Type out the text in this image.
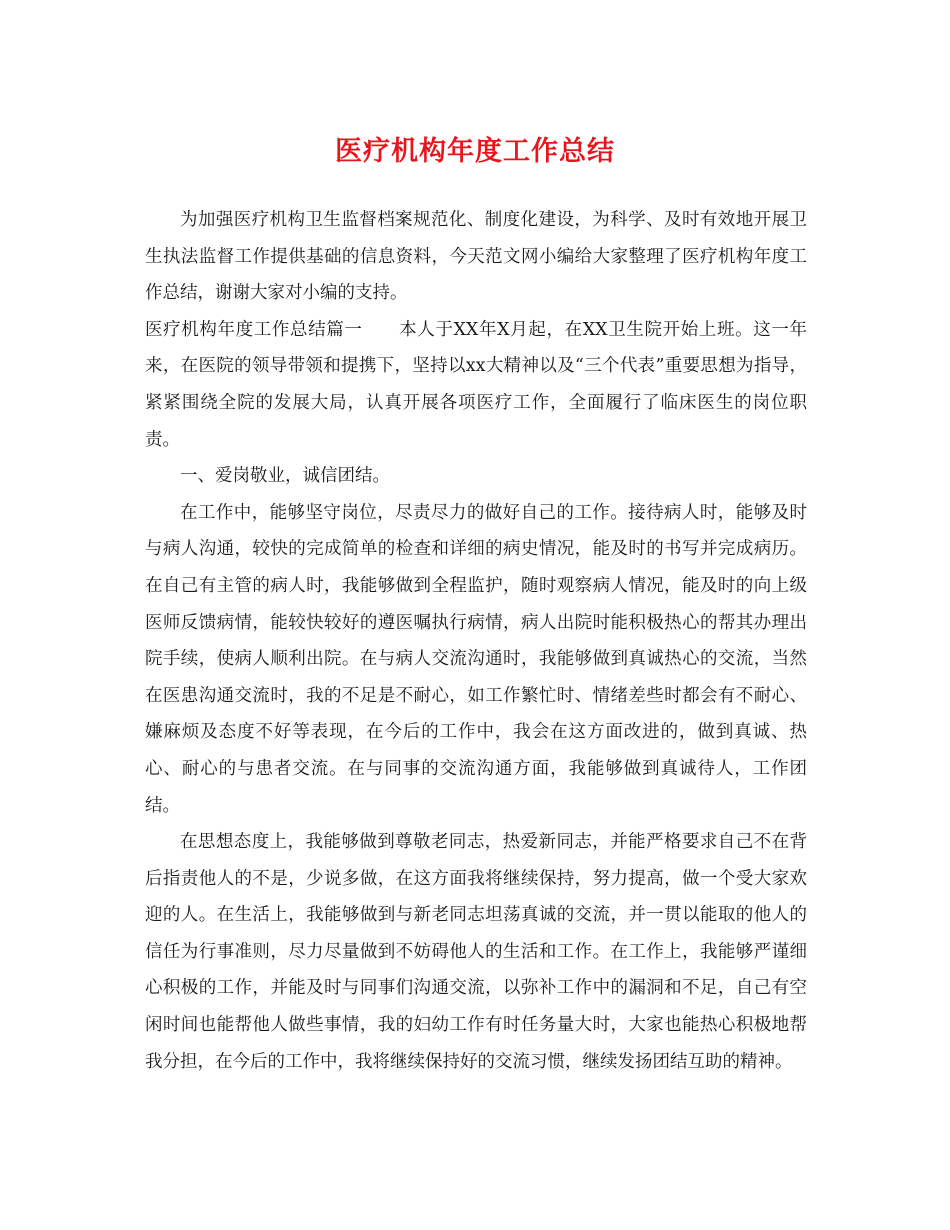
医疗机构年度工作总结

为加强医疗机构卫生监督档案规范化、制度化建设，为科学、及时有效地开展卫生执法监督工作提供基础的信息资料，今天范文网小编给大家整理了医疗机构年度工作总结，谢谢大家对小编的支持。

医疗机构年度工作总结篇一 本人于XX年X月起，在XX卫生院开始上班。这一年来，在医院的领导带领和提携下，坚持以xx大精神以及“三个代表”重要思想为指导，紧紧围绕全院的发展大局，认真开展各项医疗工作，全面履行了临床医生的岗位职责。

一、爱岗敬业，诚信团结。

在工作中，能够坚守岗位，尽责尽力的做好自己的工作。接待病人时，能够及时与病人沟通，较快的完成简单的检查和详细的病史情况，能及时的书写并完成病历。在自己有主管的病人时，我能够做到全程监护，随时观察病人情况，能及时的向上级医师反馈病情，能较快较好的遵医嘱执行病情，病人出院时能积极热心的帮其办理出院手续，使病人顺利出院。在与病人交流沟通时，我能够做到真诚热心的交流，当然在医患沟通交流时，我的不足是不耐心，如工作繁忙时、情绪差些时都会有不耐心、嫌麻烦及态度不好等表现，在今后的工作中，我会在这方面改进的，做到真诚、热心、耐心的与患者交流。在与同事的交流沟通方面，我能够做到真诚待人，工作团结。

在思想态度上，我能够做到尊敬老同志，热爱新同志，并能严格要求自己不在背后指责他人的不是，少说多做，在这方面我将继续保持，努力提高，做一个受大家欢迎的人。在生活上，我能够做到与新老同志坦荡真诚的交流，并一贯以能取的他人的信任为行事准则，尽力尽量做到不妨碍他人的生活和工作。在工作上，我能够严谨细心积极的工作，并能及时与同事们沟通交流，以弥补工作中的漏洞和不足，自己有空闲时间也能帮他人做些事情，我的妇幼工作有时任务量大时，大家也能热心积极地帮我分担，在今后的工作中，我将继续保持好的交流习惯，继续发扬团结互助的精神。
